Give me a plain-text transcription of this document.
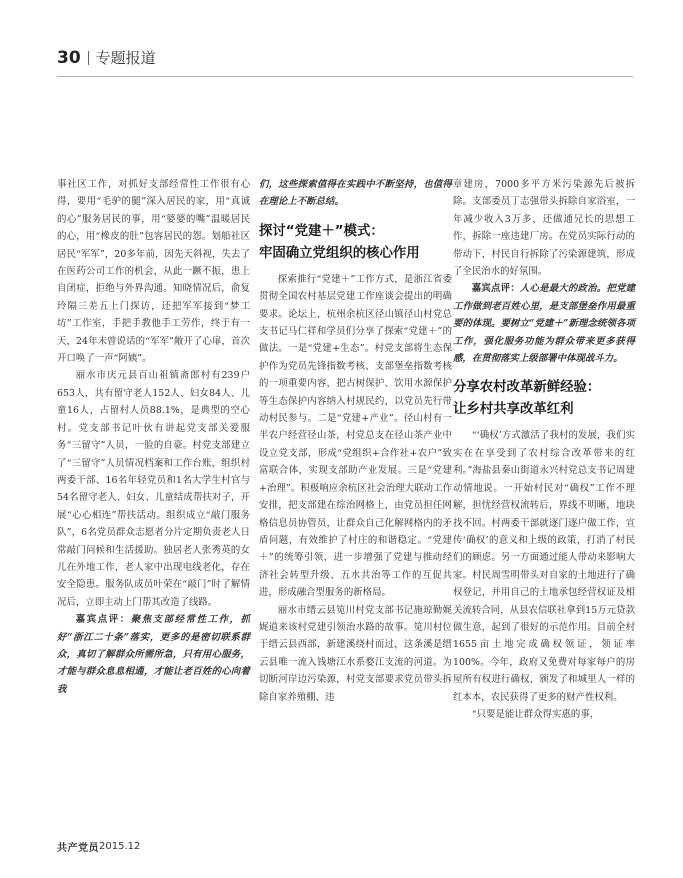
30 专题报道

事社区工作，对抓好支部经常性工作很有心得，要用“毛驴的腿”深入居民的家，用“真诚的心”服务居民的事，用“婆婆的嘴”温暖居民的心，用“橡皮的肚”包容居民的怨。划船社区居民“军军”，20多年前，因先天斜视，失去了在医药公司工作的机会，从此一蹶不振，患上自闭症，拒绝与外界沟通。知晓情况后，俞复玲隔三差五上门探访，还把军军接到“梦工坊”工作室，手把手教他手工劳作，终于有一天，24年未曾说话的“军军”敞开了心扉，首次开口唤了一声“阿姨”。

丽水市庆元县百山祖镇斋郎村有239户653人，共有留守老人152人、妇女84人、儿童16人，占留村人员88.1%，是典型的空心村。党支部书记叶伙有讲起党支部关爱服务“三留守”人员，一脸的自豪。村党支部建立了“三留守”人员情况档案和工作台账，组织村两委干部、16名年轻党员和1名大学生村官与54名留守老人、妇女、儿童结成帮扶对子，开展“心心相连”帮扶活动。组织成立“敲门服务队”，6名党员群众志愿者分片定期负责老人日常敲门问候和生活援助。独居老人张秀英的女儿在外地工作，老人家中出现电线老化，存在安全隐患。服务队成员叶荣在“敲门”时了解情况后，立即主动上门帮其改造了线路。

嘉宾点评：聚焦支部经常性工作，抓好“浙江二十条”落实，更多的是密切联系群众，真切了解群众所需所急，只有用心服务，才能与群众息息相通，才能让老百姓的心向着我

们，这些探索值得在实践中不断坚持，也值得在理论上不断总结。

探讨“党建＋”模式：
牢固确立党组织的核心作用

探索推行“党建＋”工作方式，是浙江省委贯彻全国农村基层党建工作座谈会提出的明确要求。论坛上，杭州余杭区径山镇径山村党总支书记马仁祥和学员们分享了探索“党建＋”的做法。一是“党建+生态”。村党支部将生态保护作为党员先锋指数考核、支部堡垒指数考核的一项重要内容，把古树保护、饮用水源保护等生态保护内容纳入村规民约，以党员先行带动村民参与。二是“党建+产业”。径山村有一半农户经营径山茶，村党总支在径山茶产业中设立党支部，形成“党组织+合作社+农户”致富联合体，实现支部助产业发展。三是“党建+治理”。积极响应余杭区社会治理大联动工作安排，把支部建在综治网格上，由党员担任网格信息员协管员，让群众自己化解网格内的矛盾问题，有效维护了村庄的和谐稳定。“党建＋”的统筹引领，进一步增强了党建与推动经济社会转型升级、五水共治等工作的互促共进，形成融合型服务的新格局。

丽水市缙云县笕川村党支部书记施琼勤娓娓道来该村党建引领治水路的故事。笕川村位于缙云县西部，新建溪绕村而过，这条溪是缙云县唯一流入钱塘江水系婺江支流的河道。为切断河岸边污染源，村党支部要求党员带头拆除自家养殖棚、违

章建房，7000多平方米污染源先后被拆除。支部委员丁志强带头拆除自家浴室，一年减少收入3万多，还做通兄长的思想工作，拆除一座违建厂房。在党员实际行动的带动下，村民自行拆除了污染源建筑，形成了全民治水的好氛围。

嘉宾点评：人心是最大的政治。把党建工作做到老百姓心里，是支部堡垒作用最重要的体现。要树立“党建＋”新理念统领各项工作，强化服务功能为群众带来更多获得感，在贯彻落实上级部署中体现战斗力。

分享农村改革新鲜经验：
让乡村共享改革红利

“‘确权’方式激活了我村的发展，我们实实在在享受到了农村综合改革带来的红利。”海盐县秦山街道永兴村党总支书记周建动情地说。一开始村民对“确权”工作不理解，担忧经营权流转后，界线不明晰，地块找不回。村两委干部就逐门逐户做工作，宣传‘确权’的意义和上级的政策，打消了村民们的顾虑。另一方面通过能人带动来影响大家。村民周雪明带头对自家的土地进行了确权登记，并用自己的土地承包经营权证及相关流转合同，从县农信联社拿到15万元贷款做生意，起到了很好的示范作用。目前全村1655亩土地完成确权领证，领证率100%。今年，政府又免费对每家每户的房屋所有权进行确权，颁发了和城里人一样的红本本，农民获得了更多的财产性权利。

“只要是能让群众得实惠的事，

共产党员 2015.12
